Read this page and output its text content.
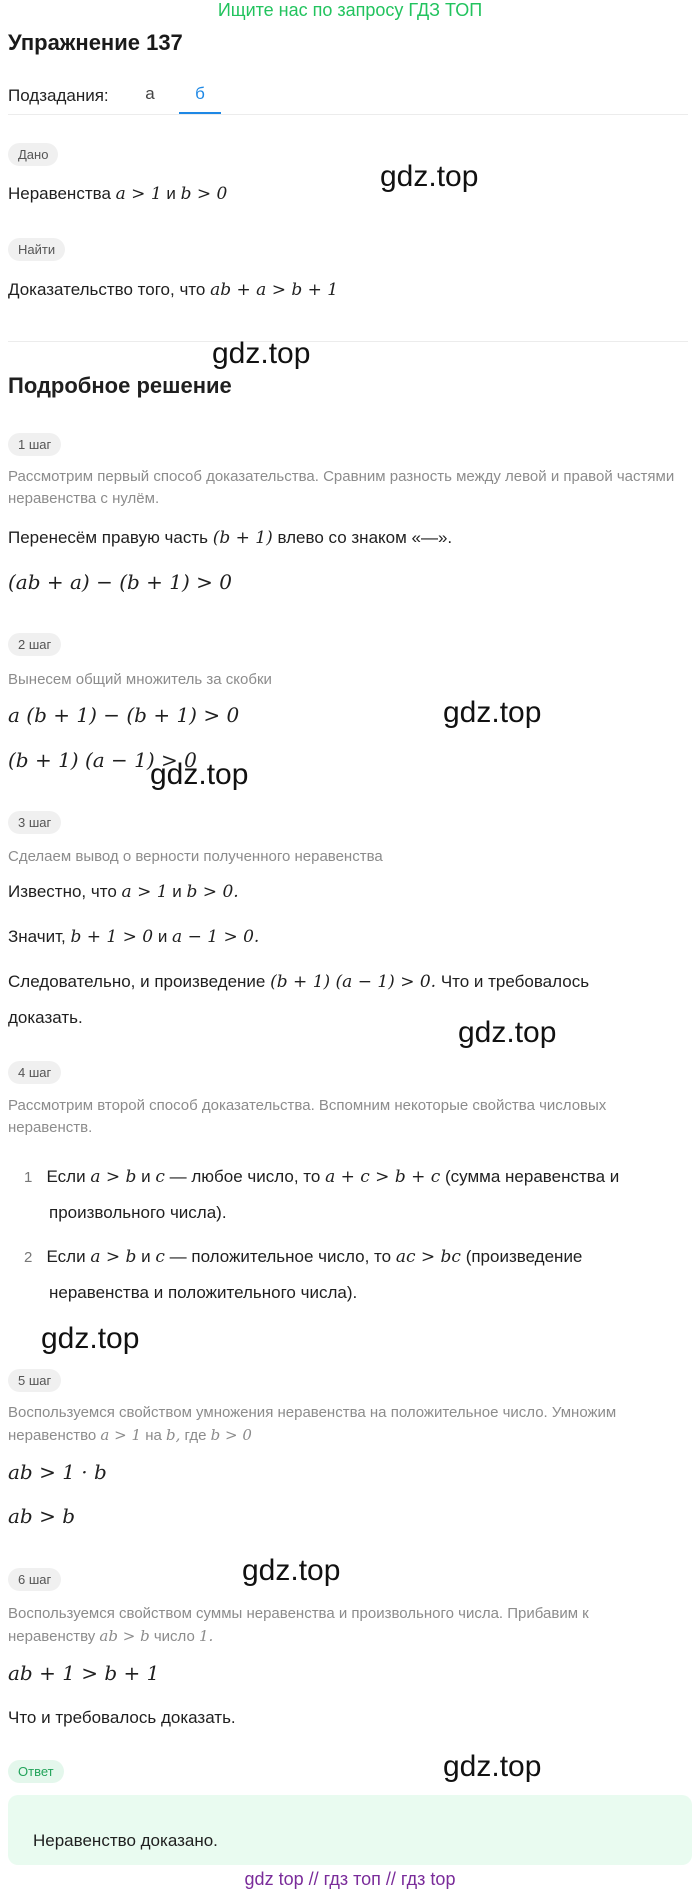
Ищите нас по запросу ГДЗ ТОП
Упражнение 137
Подзадания:	а	б
Дано
Неравенства a > 1 и b > 0
Найти
Доказательство того, что ab + a > b + 1
Подробное решение
1 шаг
Рассмотрим первый способ доказательства. Сравним разность между левой и правой частями неравенства с нулём.
Перенесём правую часть (b + 1) влево со знаком «—».
(ab + a) − (b + 1) > 0
2 шаг
Вынесем общий множитель за скобки
a (b + 1) − (b + 1) > 0
(b + 1) (a − 1) > 0
3 шаг
Сделаем вывод о верности полученного неравенства
Известно, что a > 1 и b > 0.
Значит, b + 1 > 0 и a − 1 > 0.
Следовательно, и произведение (b + 1) (a − 1) > 0. Что и требовалось
доказать.
4 шаг
Рассмотрим второй способ доказательства. Вспомним некоторые свойства числовых неравенств.
1 Если a > b и c — любое число, то a + c > b + c (сумма неравенства и
произвольного числа).
2 Если a > b и c — положительное число, то ac > bc (произведение
неравенства и положительного числа).
5 шаг
Воспользуемся свойством умножения неравенства на положительное число. Умножим
неравенство a > 1 на b, где b > 0
ab > 1 · b
ab > b
6 шаг
Воспользуемся свойством суммы неравенства и произвольного числа. Прибавим к
неравенству ab > b число 1.
ab + 1 > b + 1
Что и требовалось доказать.
Ответ
Неравенство доказано.
gdz.top
gdz.top
gdz.top
gdz.top
gdz.top
gdz.top
gdz.top
gdz.top
gdz top // гдз топ // гдз top
